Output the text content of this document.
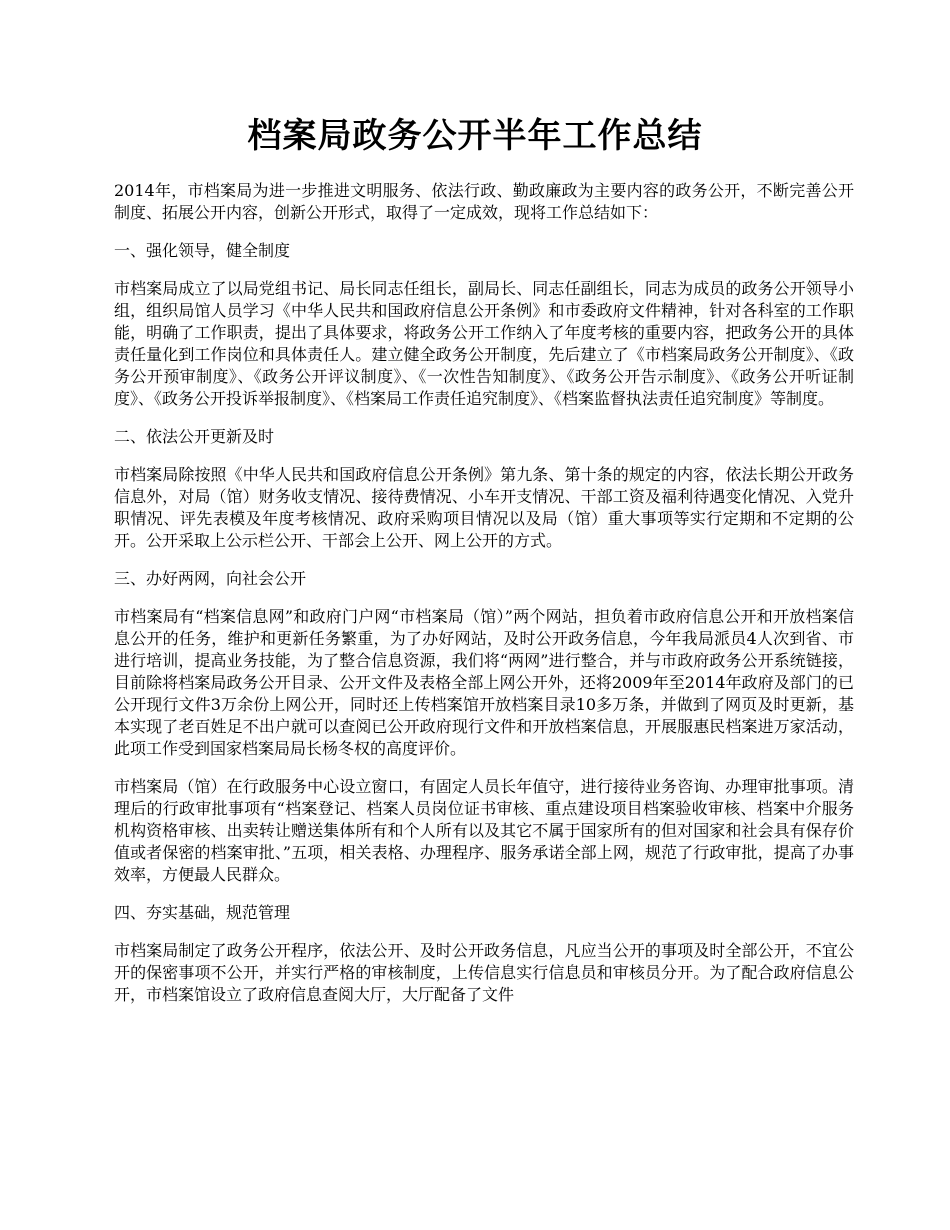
档案局政务公开半年工作总结

2014年，市档案局为进一步推进文明服务、依法行政、勤政廉政为主要内容的政务公开，不断完善公开制度、拓展公开内容，创新公开形式，取得了一定成效，现将工作总结如下：

一、强化领导，健全制度

市档案局成立了以局党组书记、局长同志任组长，副局长、同志任副组长，同志为成员的政务公开领导小组，组织局馆人员学习《中华人民共和国政府信息公开条例》和市委政府文件精神，针对各科室的工作职能，明确了工作职责，提出了具体要求，将政务公开工作纳入了年度考核的重要内容，把政务公开的具体责任量化到工作岗位和具体责任人。建立健全政务公开制度，先后建立了《市档案局政务公开制度》、《政务公开预审制度》、《政务公开评议制度》、《一次性告知制度》、《政务公开告示制度》、《政务公开听证制度》、《政务公开投诉举报制度》、《档案局工作责任追究制度》、《档案监督执法责任追究制度》等制度。

二、依法公开更新及时

市档案局除按照《中华人民共和国政府信息公开条例》第九条、第十条的规定的内容，依法长期公开政务信息外，对局（馆）财务收支情况、接待费情况、小车开支情况、干部工资及福利待遇变化情况、入党升职情况、评先表模及年度考核情况、政府采购项目情况以及局（馆）重大事项等实行定期和不定期的公开。公开采取上公示栏公开、干部会上公开、网上公开的方式。

三、办好两网，向社会公开

市档案局有“档案信息网”和政府门户网“市档案局（馆）”两个网站，担负着市政府信息公开和开放档案信息公开的任务，维护和更新任务繁重，为了办好网站，及时公开政务信息，今年我局派员4人次到省、市进行培训，提高业务技能，为了整合信息资源，我们将“两网”进行整合，并与市政府政务公开系统链接，目前除将档案局政务公开目录、公开文件及表格全部上网公开外，还将2009年至2014年政府及部门的已公开现行文件3万余份上网公开，同时还上传档案馆开放档案目录10多万条，并做到了网页及时更新，基本实现了老百姓足不出户就可以查阅已公开政府现行文件和开放档案信息，开展服惠民档案进万家活动，此项工作受到国家档案局局长杨冬权的高度评价。

市档案局（馆）在行政服务中心设立窗口，有固定人员长年值守，进行接待业务咨询、办理审批事项。清理后的行政审批事项有“档案登记、档案人员岗位证书审核、重点建设项目档案验收审核、档案中介服务机构资格审核、出卖转让赠送集体所有和个人所有以及其它不属于国家所有的但对国家和社会具有保存价值或者保密的档案审批、”五项，相关表格、办理程序、服务承诺全部上网，规范了行政审批，提高了办事效率，方便最人民群众。

四、夯实基础，规范管理

市档案局制定了政务公开程序，依法公开、及时公开政务信息，凡应当公开的事项及时全部公开，不宜公开的保密事项不公开，并实行严格的审核制度，上传信息实行信息员和审核员分开。为了配合政府信息公开，市档案馆设立了政府信息查阅大厅，大厅配备了文件
